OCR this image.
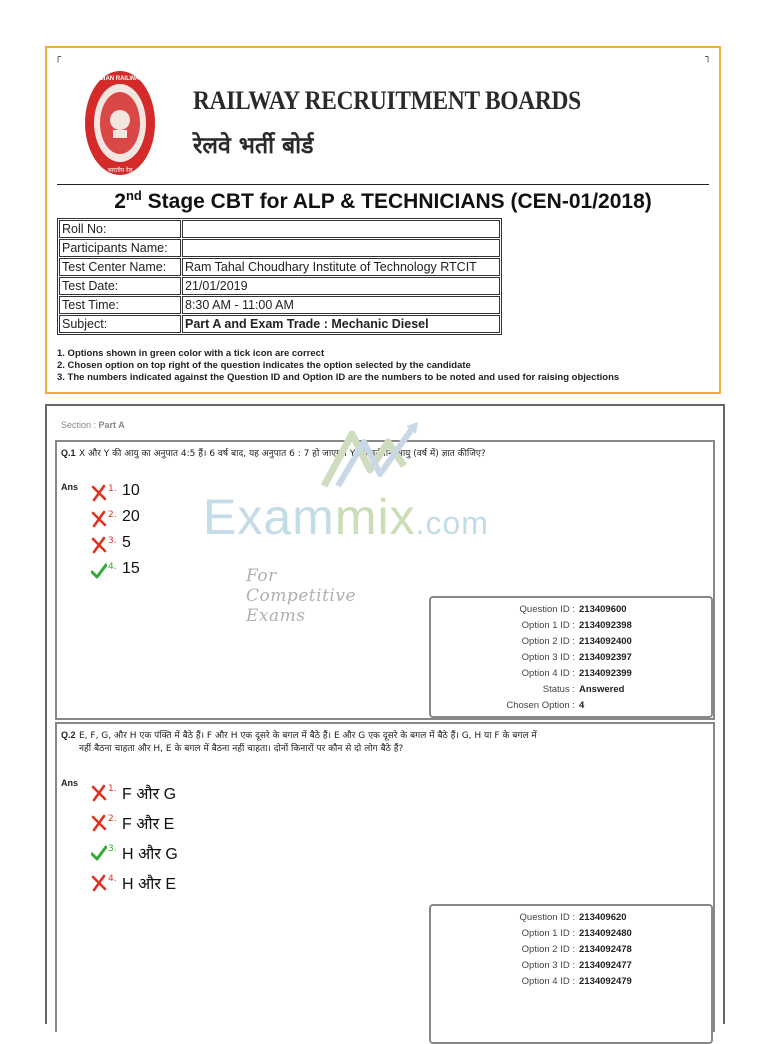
┌	┐
INDIAN RAILWAYS
भारतीय रेल
RAILWAY RECRUITMENT BOARDS
रेलवे भर्ती बोर्ड
2nd Stage CBT for ALP & TECHNICIANS (CEN-01/2018)
Roll No:	
Participants Name:	
Test Center Name:	Ram Tahal Choudhary Institute of Technology RTCIT
Test Date:	21/01/2019
Test Time:	8:30 AM - 11:00 AM
Subject:	Part A and Exam Trade : Mechanic Diesel
1. Options shown in green color with a tick icon are correct
2. Chosen option on top right of the question indicates the option selected by the candidate
3. The numbers indicated against the Question ID and Option ID are the numbers to be noted and used for raising objections
Section : Part A
Q.1 X और Y की आयु का अनुपात 4:5 हैं। 6 वर्ष बाद, यह अनुपात 6 : 7 हो जाएगा। Y की वर्तमान आयु (वर्ष में) ज्ञात कीजिए?
Ans	1. 10
2. 20
3. 5
4. 15
Question ID : 213409600
Option 1 ID : 2134092398
Option 2 ID : 2134092400
Option 3 ID : 2134092397
Option 4 ID : 2134092399
Status : Answered
Chosen Option : 4
Q.2 E, F, G, और H एक पंक्ति में बैठे हैं। F और H एक दूसरे के बगल में बैठे हैं। E और G एक दूसरे के बगल में बैठे हैं। G, H या F के बगल में नहीं बैठना चाहता और H, E के बगल में बैठना नहीं चाहता। दोनों किनारों पर कौन से दो लोग बैठे हैं?
Ans
1. F और G
2. F और E
3. H और G
4. H और E
Question ID : 213409620
Option 1 ID : 2134092480
Option 2 ID : 2134092478
Option 3 ID : 2134092477
Option 4 ID : 2134092479
Exammix.com
For Competitive Exams
